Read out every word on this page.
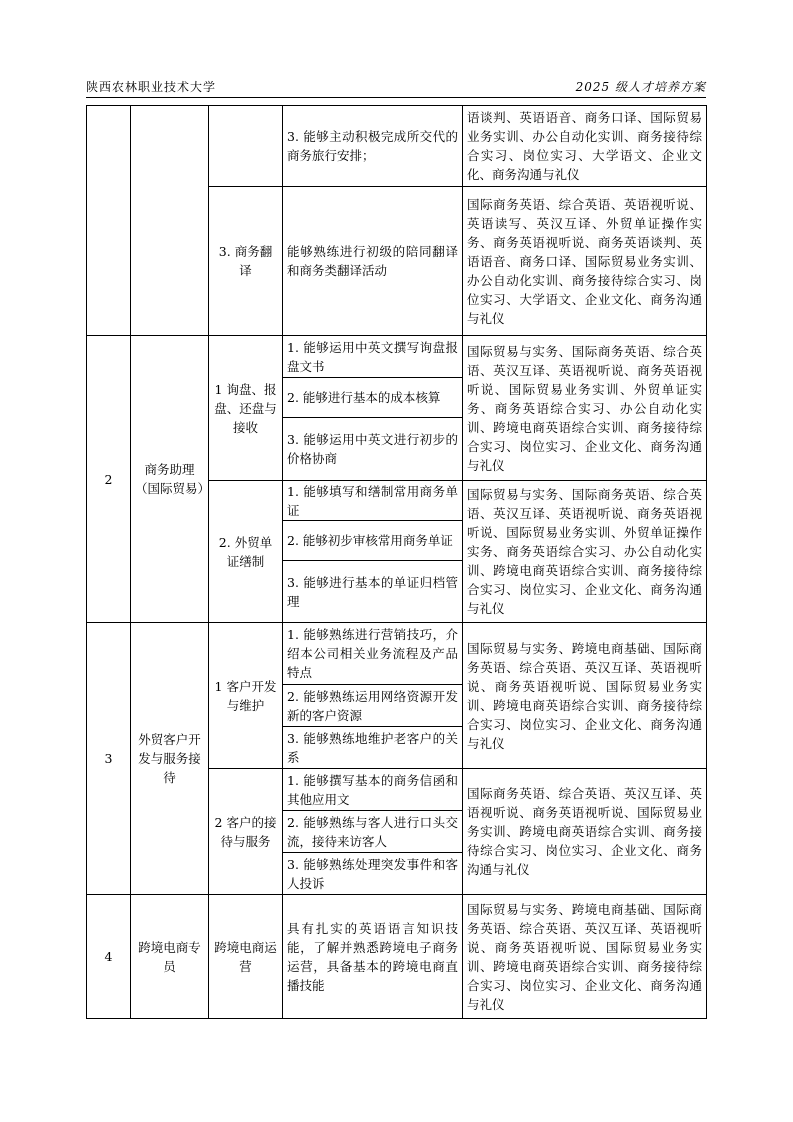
陕西农林职业技术大学	2025 级人才培养方案
			3. 能够主动积极完成所交代的商务旅行安排；	语谈判、英语语音、商务口译、国际贸易业务实训、办公自动化实训、商务接待综合实习、岗位实习、大学语文、企业文化、商务沟通与礼仪
		3. 商务翻译	能够熟练进行初级的陪同翻译和商务类翻译活动	国际商务英语、综合英语、英语视听说、英语读写、英汉互译、外贸单证操作实务、商务英语视听说、商务英语谈判、英语语音、商务口译、国际贸易业务实训、办公自动化实训、商务接待综合实习、岗位实习、大学语文、企业文化、商务沟通与礼仪
2	商务助理（国际贸易）	1 询盘、报盘、还盘与接收	1. 能够运用中英文撰写询盘报盘文书	国际贸易与实务、国际商务英语、综合英语、英汉互译、英语视听说、商务英语视听说、国际贸易业务实训、外贸单证实务、商务英语综合实习、办公自动化实训、跨境电商英语综合实训、商务接待综合实习、岗位实习、企业文化、商务沟通与礼仪
			2. 能够进行基本的成本核算	
			3. 能够运用中英文进行初步的价格协商	
		2. 外贸单证缮制	1. 能够填写和缮制常用商务单证	国际贸易与实务、国际商务英语、综合英语、英汉互译、英语视听说、商务英语视听说、国际贸易业务实训、外贸单证操作实务、商务英语综合实习、办公自动化实训、跨境电商英语综合实训、商务接待综合实习、岗位实习、企业文化、商务沟通与礼仪
			2. 能够初步审核常用商务单证	
			3. 能够进行基本的单证归档管理	
3	外贸客户开发与服务接待	1 客户开发与维护	1. 能够熟练进行营销技巧，介绍本公司相关业务流程及产品特点	国际贸易与实务、跨境电商基础、国际商务英语、综合英语、英汉互译、英语视听说、商务英语视听说、国际贸易业务实训、跨境电商英语综合实训、商务接待综合实习、岗位实习、企业文化、商务沟通与礼仪
			2. 能够熟练运用网络资源开发新的客户资源	
			3. 能够熟练地维护老客户的关系	
		2 客户的接待与服务	1. 能够撰写基本的商务信函和其他应用文	国际商务英语、综合英语、英汉互译、英语视听说、商务英语视听说、国际贸易业务实训、跨境电商英语综合实训、商务接待综合实习、岗位实习、企业文化、商务沟通与礼仪
			2. 能够熟练与客人进行口头交流，接待来访客人	
			3. 能够熟练处理突发事件和客人投诉	
4	跨境电商专员	跨境电商运营	具有扎实的英语语言知识技能，了解并熟悉跨境电子商务运营，具备基本的跨境电商直播技能	国际贸易与实务、跨境电商基础、国际商务英语、综合英语、英汉互译、英语视听说、商务英语视听说、国际贸易业务实训、跨境电商英语综合实训、商务接待综合实习、岗位实习、企业文化、商务沟通与礼仪
